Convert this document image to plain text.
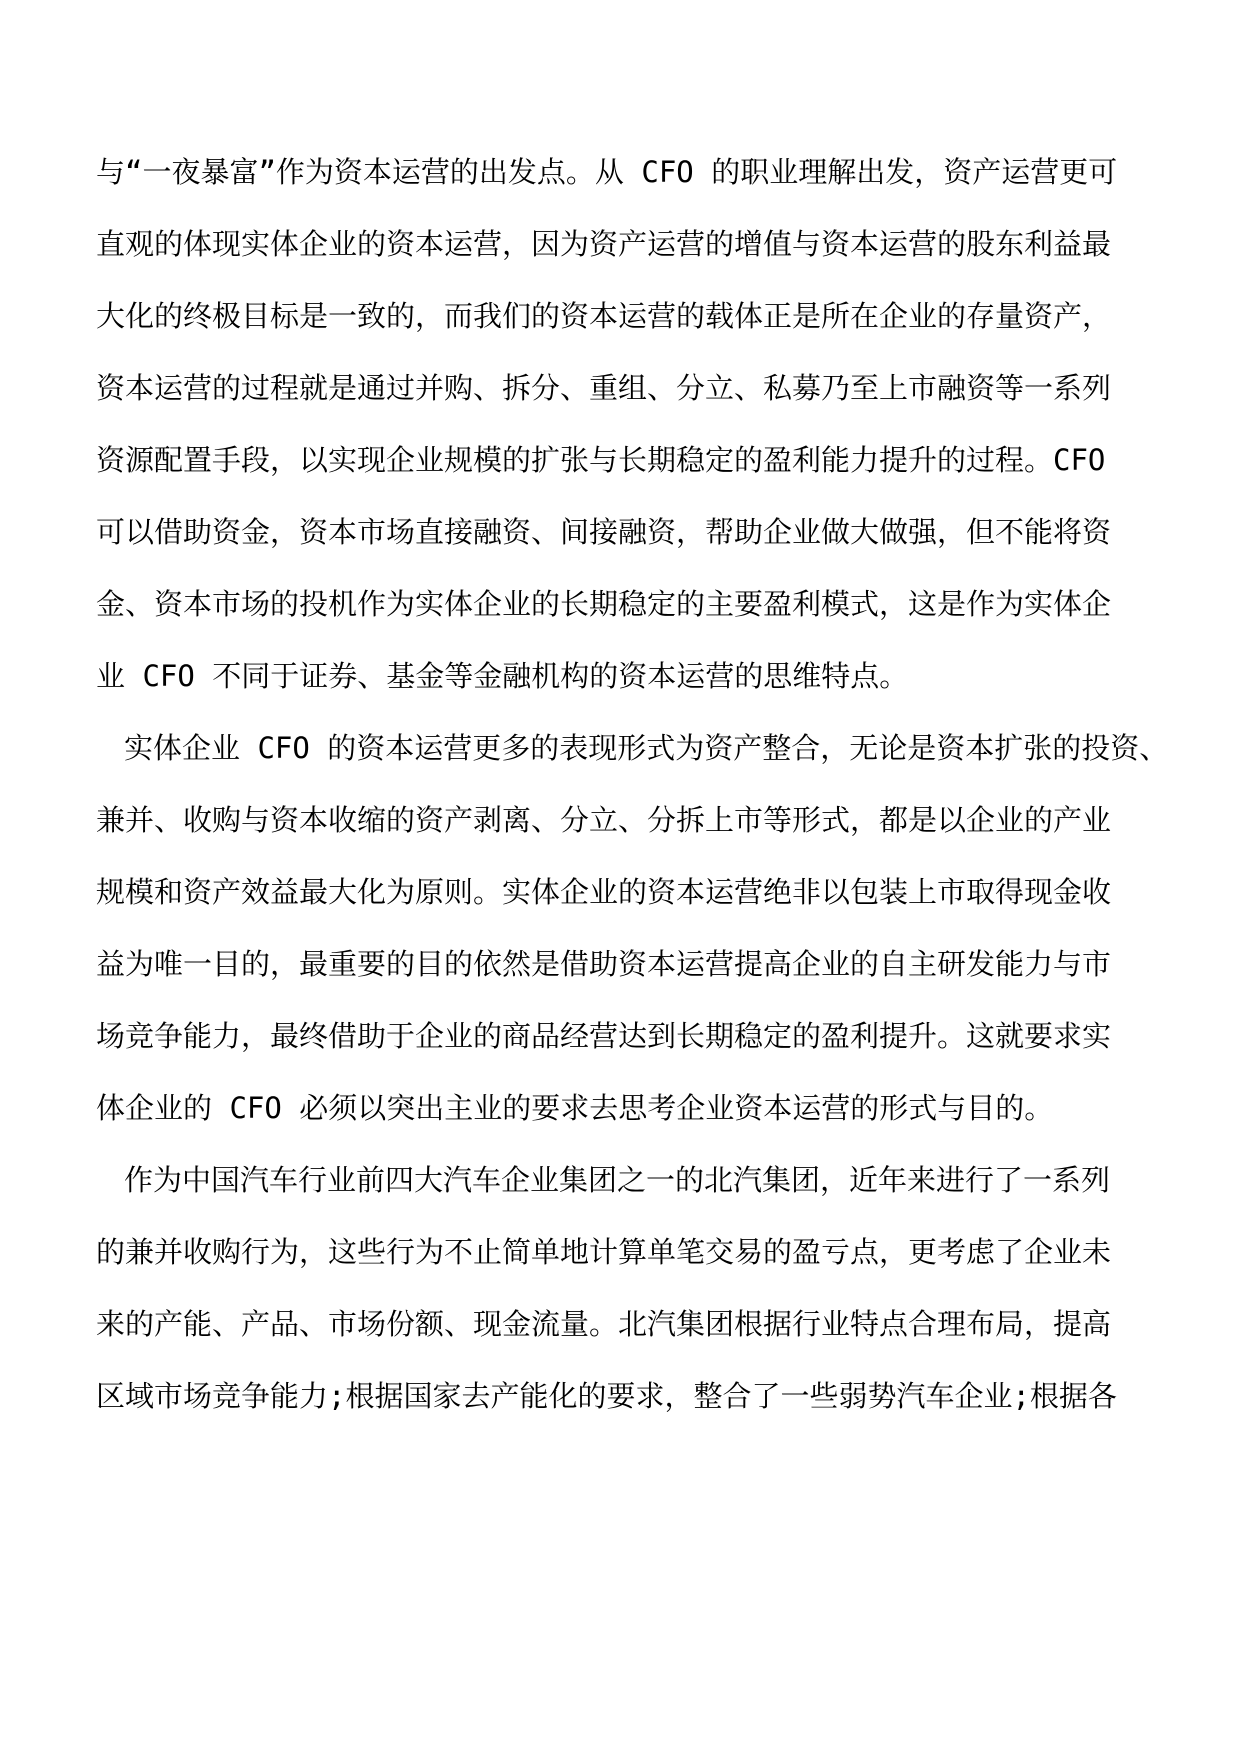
与“一夜暴富”作为资本运营的出发点。从 CFO 的职业理解出发，资产运营更可
直观的体现实体企业的资本运营，因为资产运营的增值与资本运营的股东利益最
大化的终极目标是一致的，而我们的资本运营的载体正是所在企业的存量资产，
资本运营的过程就是通过并购、拆分、重组、分立、私募乃至上市融资等一系列
资源配置手段，以实现企业规模的扩张与长期稳定的盈利能力提升的过程。CFO
可以借助资金，资本市场直接融资、间接融资，帮助企业做大做强，但不能将资
金、资本市场的投机作为实体企业的长期稳定的主要盈利模式，这是作为实体企
业 CFO 不同于证券、基金等金融机构的资本运营的思维特点。
实体企业 CFO 的资本运营更多的表现形式为资产整合，无论是资本扩张的投资、
兼并、收购与资本收缩的资产剥离、分立、分拆上市等形式，都是以企业的产业
规模和资产效益最大化为原则。实体企业的资本运营绝非以包装上市取得现金收
益为唯一目的，最重要的目的依然是借助资本运营提高企业的自主研发能力与市
场竞争能力，最终借助于企业的商品经营达到长期稳定的盈利提升。这就要求实
体企业的 CFO 必须以突出主业的要求去思考企业资本运营的形式与目的。
作为中国汽车行业前四大汽车企业集团之一的北汽集团，近年来进行了一系列
的兼并收购行为，这些行为不止简单地计算单笔交易的盈亏点，更考虑了企业未
来的产能、产品、市场份额、现金流量。北汽集团根据行业特点合理布局，提高
区域市场竞争能力;根据国家去产能化的要求，整合了一些弱势汽车企业;根据各
